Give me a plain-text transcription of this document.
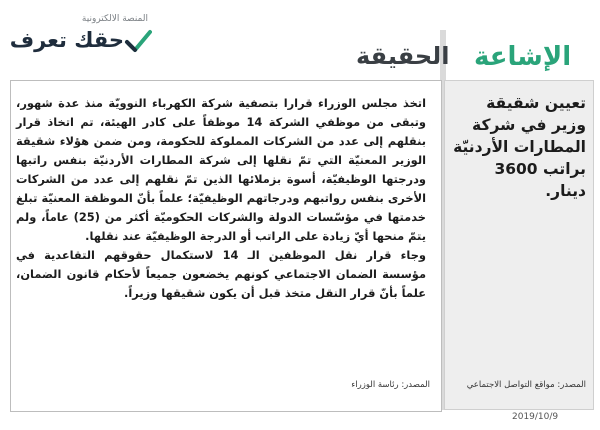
المنصة الالكترونية
حقك تعرف
الإشاعة
الحقيقة

اتخذ مجلس الوزراء قرارا بتصفية شركة الكهرباء النوويّة منذ عدة شهور، وتبقى من موظفي الشركة 14 موظفاً على كادر الهيئة، تم اتخاذ قرار بنقلهم إلى عدد من الشركات المملوكة للحكومة، ومن ضمن هؤلاء شقيقة الوزير المعنيّة التي تمّ نقلها إلى شركة المطارات الأردنيّة بنفس راتبها ودرجتها الوظيفيّة، أسوة بزملائها الذين تمّ نقلهم إلى عدد من الشركات الأخرى بنفس رواتبهم ودرجاتهم الوظيفيّة؛ علماً بأنّ الموظفة المعنيّة تبلغ خدمتها في مؤسّسات الدولة والشركات الحكوميّة أكثر من (25) عاماً، ولم يتمّ منحها أيّ زيادة على الراتب أو الدرجة الوظيفيّة عند نقلها.

وجاء قرار نقل الموظفين الـ 14 لاستكمال حقوقهم التقاعدية في مؤسسة الضمان الاجتماعي كونهم يخضعون جميعاً لأحكام قانون الضمان، علماً بأنّ قرار النقل متخذ قبل أن يكون شقيقها وزيراً.

تعيين شقيقة وزير في شركة المطارات الأردنيّة براتب 3600 دينار.
المصدر: رئاسة الوزراء	المصدر: مواقع التواصل الاجتماعي
2019/10/9
